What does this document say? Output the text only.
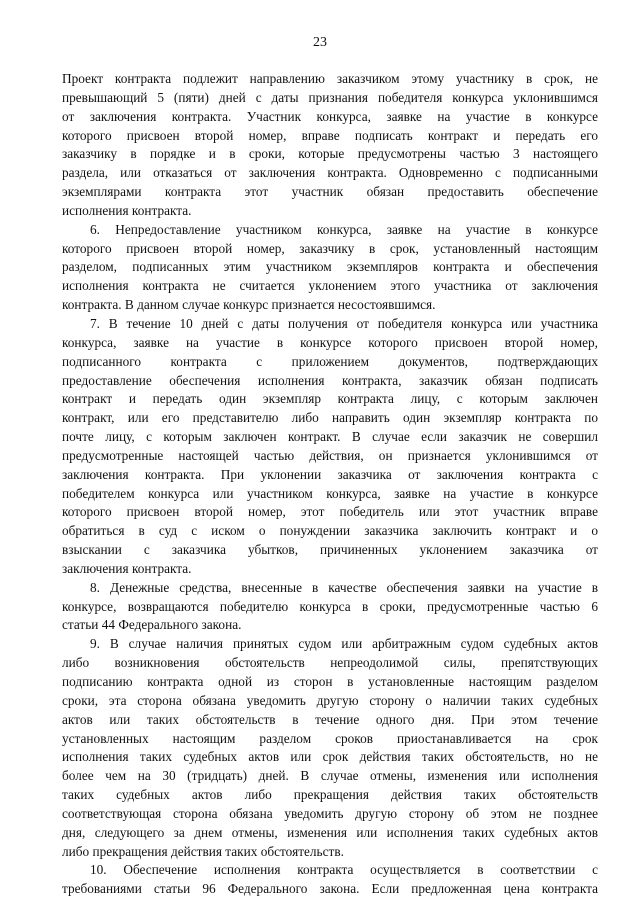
23
Проект контракта подлежит направлению заказчиком этому участнику в срок, не
превышающий 5 (пяти) дней с даты признания победителя конкурса уклонившимся
от заключения контракта. Участник конкурса, заявке на участие в конкурсе
которого присвоен второй номер, вправе подписать контракт и передать его
заказчику в порядке и в сроки, которые предусмотрены частью 3 настоящего
раздела, или отказаться от заключения контракта. Одновременно с подписанными
экземплярами контракта этот участник обязан предоставить обеспечение
исполнения контракта.
6. Непредоставление участником конкурса, заявке на участие в конкурсе
которого присвоен второй номер, заказчику в срок, установленный настоящим
разделом, подписанных этим участником экземпляров контракта и обеспечения
исполнения контракта не считается уклонением этого участника от заключения
контракта. В данном случае конкурс признается несостоявшимся.
7. В течение 10 дней с даты получения от победителя конкурса или участника
конкурса, заявке на участие в конкурсе которого присвоен второй номер,
подписанного контракта с приложением документов, подтверждающих
предоставление обеспечения исполнения контракта, заказчик обязан подписать
контракт и передать один экземпляр контракта лицу, с которым заключен
контракт, или его представителю либо направить один экземпляр контракта по
почте лицу, с которым заключен контракт. В случае если заказчик не совершил
предусмотренные настоящей частью действия, он признается уклонившимся от
заключения контракта. При уклонении заказчика от заключения контракта с
победителем конкурса или участником конкурса, заявке на участие в конкурсе
которого присвоен второй номер, этот победитель или этот участник вправе
обратиться в суд с иском о понуждении заказчика заключить контракт и о
взыскании с заказчика убытков, причиненных уклонением заказчика от
заключения контракта.
8. Денежные средства, внесенные в качестве обеспечения заявки на участие в
конкурсе, возвращаются победителю конкурса в сроки, предусмотренные частью 6
статьи 44 Федерального закона.
9. В случае наличия принятых судом или арбитражным судом судебных актов
либо возникновения обстоятельств непреодолимой силы, препятствующих
подписанию контракта одной из сторон в установленные настоящим разделом
сроки, эта сторона обязана уведомить другую сторону о наличии таких судебных
актов или таких обстоятельств в течение одного дня. При этом течение
установленных настоящим разделом сроков приостанавливается на срок
исполнения таких судебных актов или срок действия таких обстоятельств, но не
более чем на 30 (тридцать) дней. В случае отмены, изменения или исполнения
таких судебных актов либо прекращения действия таких обстоятельств
соответствующая сторона обязана уведомить другую сторону об этом не позднее
дня, следующего за днем отмены, изменения или исполнения таких судебных актов
либо прекращения действия таких обстоятельств.
10. Обеспечение исполнения контракта осуществляется в соответствии с
требованиями статьи 96 Федерального закона. Если предложенная цена контракта
